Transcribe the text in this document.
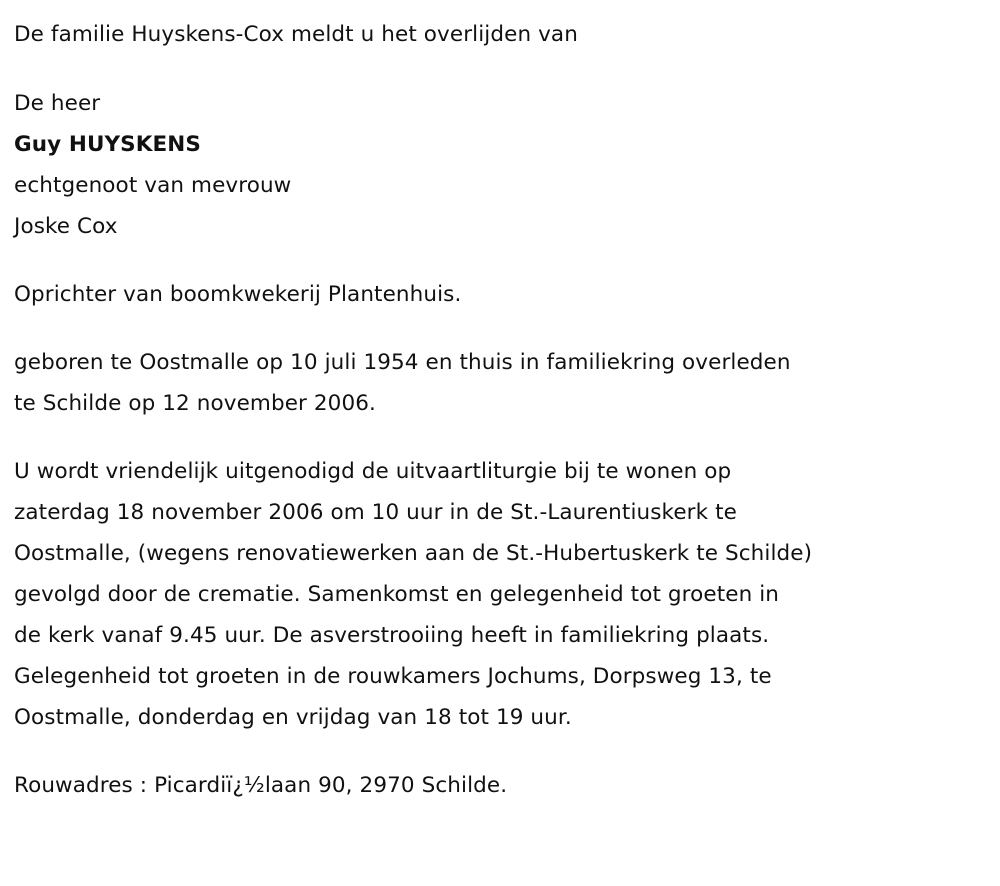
De familie Huyskens-Cox meldt u het overlijden van
De heer
Guy HUYSKENS
echtgenoot van mevrouw
Joske Cox
Oprichter van boomkwekerij Plantenhuis.
geboren te Oostmalle op 10 juli 1954 en thuis in familiekring overleden
te Schilde op 12 november 2006.
U wordt vriendelijk uitgenodigd de uitvaartliturgie bij te wonen op
zaterdag 18 november 2006 om 10 uur in de St.-Laurentiuskerk te
Oostmalle, (wegens renovatiewerken aan de St.-Hubertuskerk te Schilde)
gevolgd door de crematie. Samenkomst en gelegenheid tot groeten in
de kerk vanaf 9.45 uur. De asverstrooiing heeft in familiekring plaats.
Gelegenheid tot groeten in de rouwkamers Jochums, Dorpsweg 13, te
Oostmalle, donderdag en vrijdag van 18 tot 19 uur.
Rouwadres : Picardiï¿½laan 90, 2970 Schilde.
